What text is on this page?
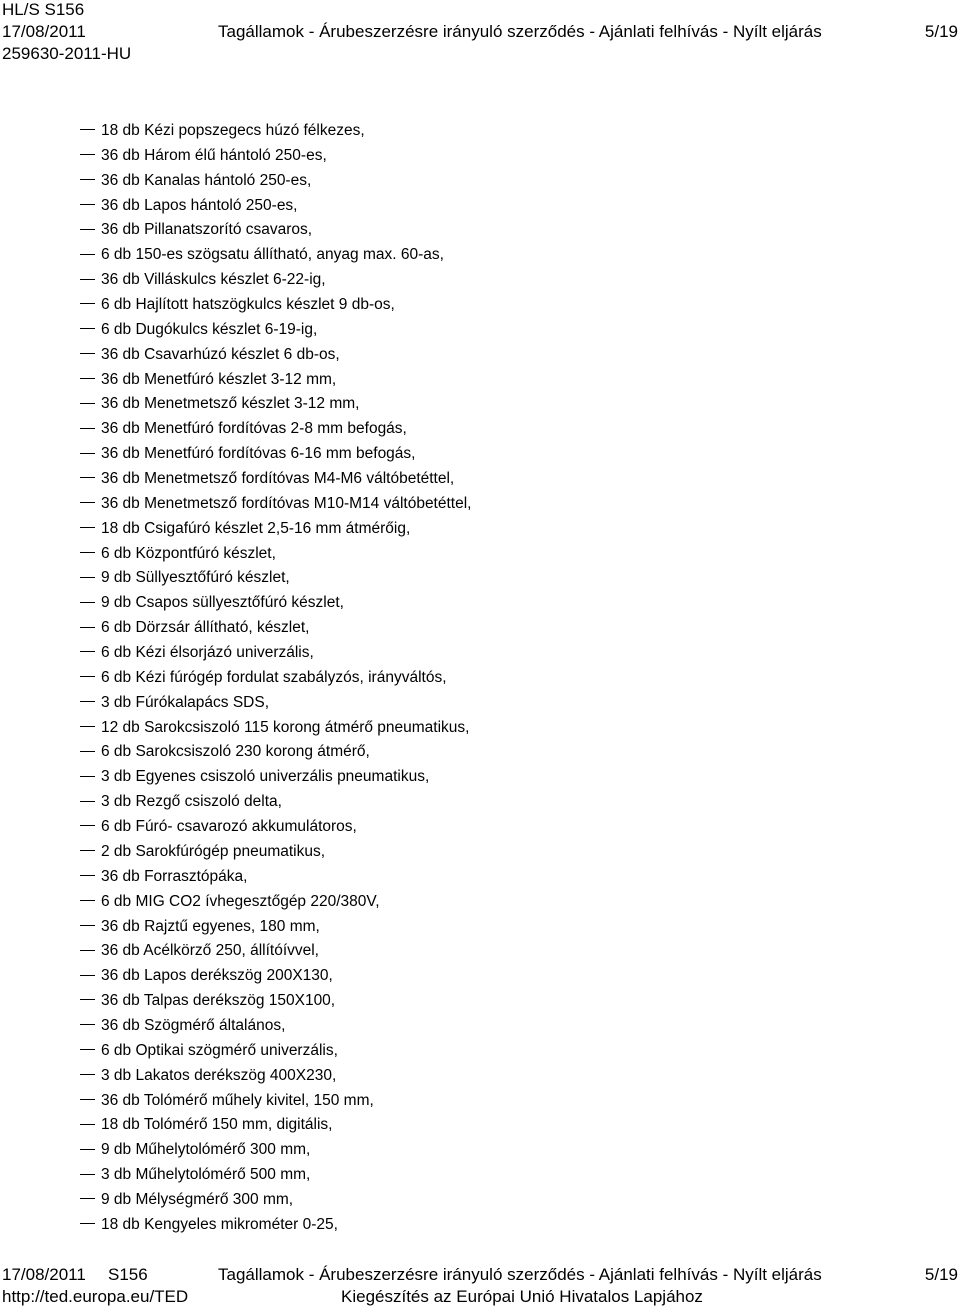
HL/S S156
17/08/2011	Tagállamok - Árubeszerzésre irányuló szerződés - Ajánlati felhívás - Nyílt eljárás	5/19
259630-2011-HU
18 db Kézi popszegecs húzó félkezes,
36 db Három élű hántoló 250-es,
36 db Kanalas hántoló 250-es,
36 db Lapos hántoló 250-es,
36 db Pillanatszorító csavaros,
6 db 150-es szögsatu állítható, anyag max. 60-as,
36 db Villáskulcs készlet 6-22-ig,
6 db Hajlított hatszögkulcs készlet 9 db-os,
6 db Dugókulcs készlet 6-19-ig,
36 db Csavarhúzó készlet 6 db-os,
36 db Menetfúró készlet 3-12 mm,
36 db Menetmetsző készlet 3-12 mm,
36 db Menetfúró fordítóvas 2-8 mm befogás,
36 db Menetfúró fordítóvas 6-16 mm befogás,
36 db Menetmetsző fordítóvas M4-M6 váltóbetéttel,
36 db Menetmetsző fordítóvas M10-M14 váltóbetéttel,
18 db Csigafúró készlet 2,5-16 mm átmérőig,
6 db Központfúró készlet,
9 db Süllyesztőfúró készlet,
9 db Csapos süllyesztőfúró készlet,
6 db Dörzsár állítható, készlet,
6 db Kézi élsorjázó univerzális,
6 db Kézi fúrógép fordulat szabályzós, irányváltós,
3 db Fúrókalapács SDS,
12 db Sarokcsiszoló 115 korong átmérő pneumatikus,
6 db Sarokcsiszoló 230 korong átmérő,
3 db Egyenes csiszoló univerzális pneumatikus,
3 db Rezgő csiszoló delta,
6 db Fúró- csavarozó akkumulátoros,
2 db Sarokfúrógép pneumatikus,
36 db Forrasztópáka,
6 db MIG CO2 ívhegesztőgép 220/380V,
36 db Rajztű egyenes, 180 mm,
36 db Acélkörző 250, állítóívvel,
36 db Lapos derékszög 200X130,
36 db Talpas derékszög 150X100,
36 db Szögmérő általános,
6 db Optikai szögmérő univerzális,
3 db Lakatos derékszög 400X230,
36 db Tolómérő műhely kivitel, 150 mm,
18 db Tolómérő 150 mm, digitális,
9 db Műhelytolómérő 300 mm,
3 db Műhelytolómérő 500 mm,
9 db Mélységmérő 300 mm,
18 db Kengyeles mikrométer 0-25,
17/08/2011 S156	Tagállamok - Árubeszerzésre irányuló szerződés - Ajánlati felhívás - Nyílt eljárás	5/19
http://ted.europa.eu/TED	Kiegészítés az Európai Unió Hivatalos Lapjához
